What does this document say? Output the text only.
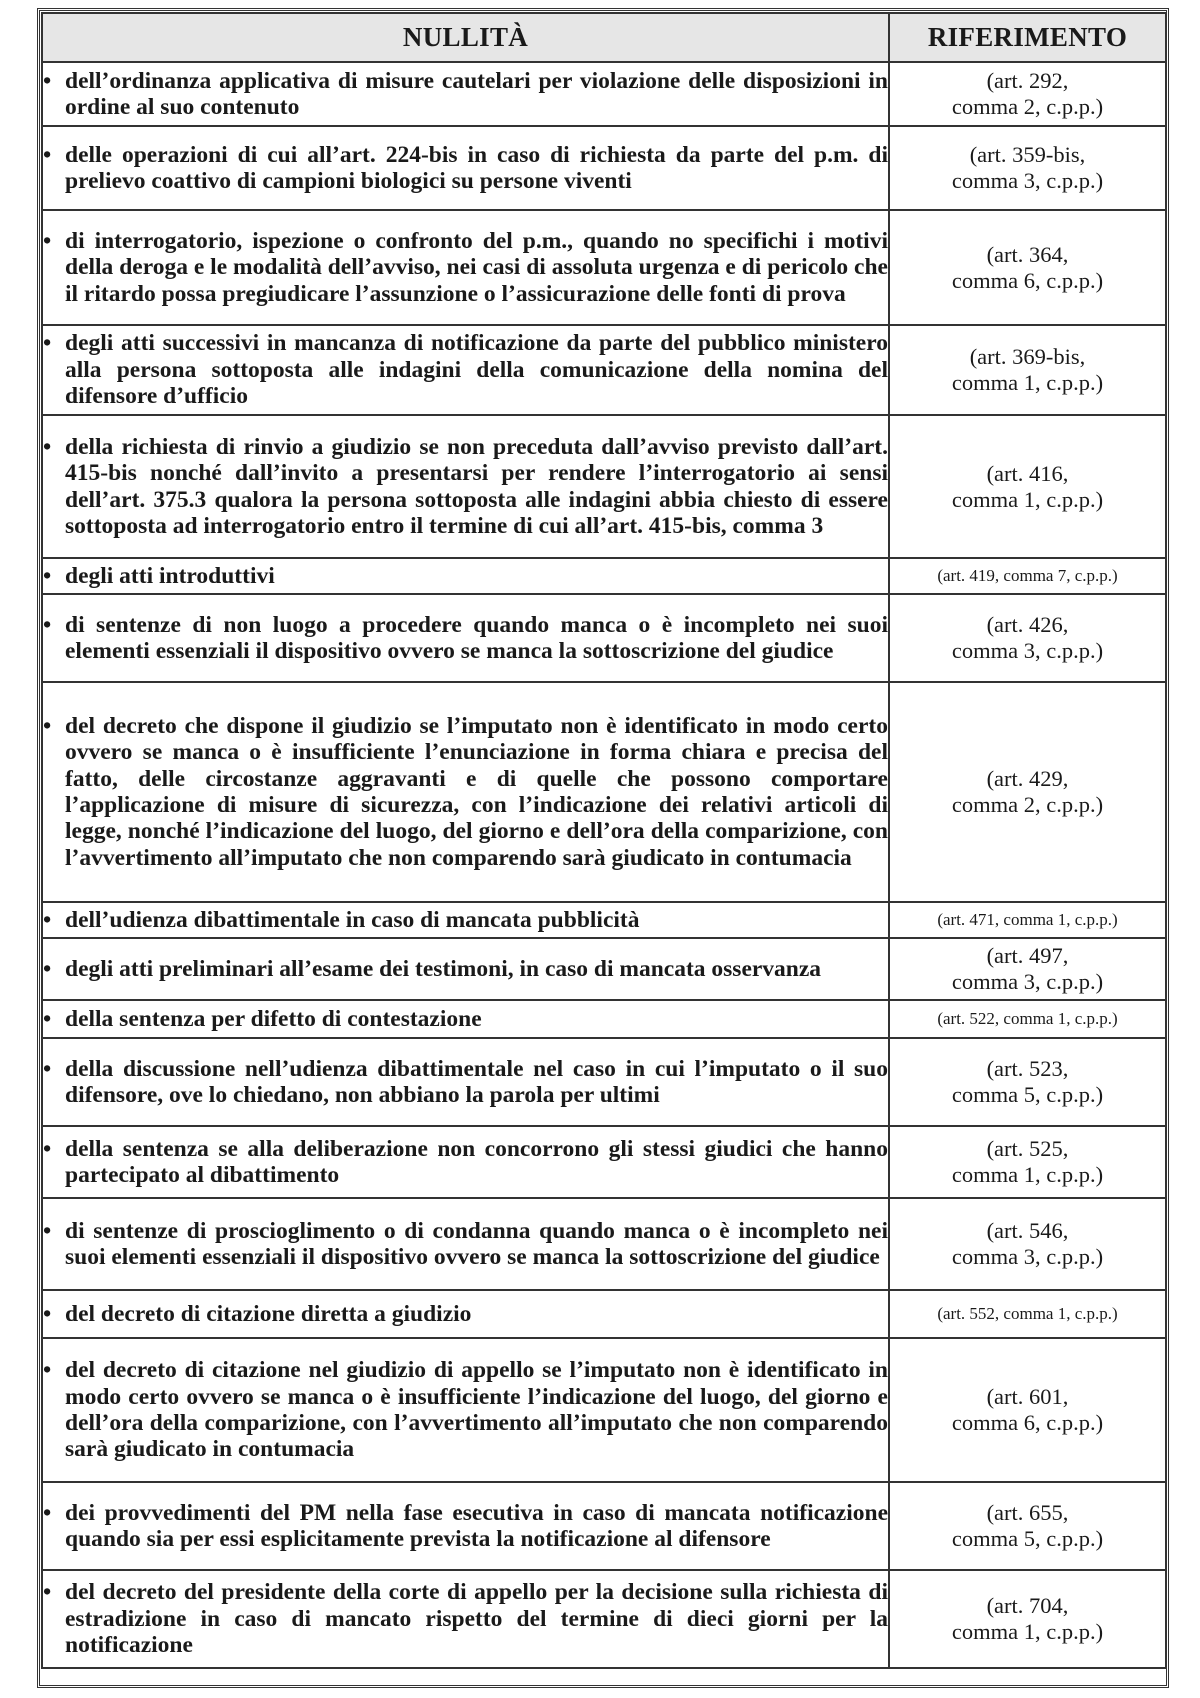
NULLITÀ	RIFERIMENTO

• dell’ordinanza applicativa di misure cautelari per violazione delle disposizioni in ordine al suo contenuto	(art. 292,
comma 2, c.p.p.)

• delle operazioni di cui all’art. 224-bis in caso di richiesta da parte del p.m. di prelievo coattivo di campioni biologici su persone viventi	(art. 359-bis,
comma 3, c.p.p.)

• di interrogatorio, ispezione o confronto del p.m., quando no specifichi i motivi della deroga e le modalità dell’avviso, nei casi di assoluta urgenza e di pericolo che il ritardo possa pregiudicare l’assunzione o l’assicurazione delle fonti di prova	(art. 364,
comma 6, c.p.p.)

• degli atti successivi in mancanza di notificazione da parte del pubblico ministero alla persona sottoposta alle indagini della comunicazione della nomina del difensore d’ufficio	(art. 369-bis,
comma 1, c.p.p.)

• della richiesta di rinvio a giudizio se non preceduta dall’avviso previsto dall’art. 415-bis nonché dall’invito a presentarsi per rendere l’interrogatorio ai sensi dell’art. 375.3 qualora la persona sottoposta alle indagini abbia chiesto di essere sottoposta ad interrogatorio entro il termine di cui all’art. 415-bis, comma 3	(art. 416,
comma 1, c.p.p.)

• degli atti introduttivi	(art. 419, comma 7, c.p.p.)

• di sentenze di non luogo a procedere quando manca o è incompleto nei suoi elementi essenziali il dispositivo ovvero se manca la sottoscrizione del giudice	(art. 426,
comma 3, c.p.p.)

• del decreto che dispone il giudizio se l’imputato non è identificato in modo certo ovvero se manca o è insufficiente l’enunciazione in forma chiara e precisa del fatto, delle circostanze aggravanti e di quelle che possono comportare l’applicazione di misure di sicurezza, con l’indicazione dei relativi articoli di legge, nonché l’indicazione del luogo, del giorno e dell’ora della comparizione, con l’avvertimento all’imputato che non comparendo sarà giudicato in contumacia	(art. 429,
comma 2, c.p.p.)

• dell’udienza dibattimentale in caso di mancata pubblicità	(art. 471, comma 1, c.p.p.)

• degli atti preliminari all’esame dei testimoni, in caso di mancata osservanza	(art. 497,
comma 3, c.p.p.)

• della sentenza per difetto di contestazione	(art. 522, comma 1, c.p.p.)

• della discussione nell’udienza dibattimentale nel caso in cui l’imputato o il suo difensore, ove lo chiedano, non abbiano la parola per ultimi	(art. 523,
comma 5, c.p.p.)

• della sentenza se alla deliberazione non concorrono gli stessi giudici che hanno partecipato al dibattimento	(art. 525,
comma 1, c.p.p.)

• di sentenze di proscioglimento o di condanna quando manca o è incompleto nei suoi elementi essenziali il dispositivo ovvero se manca la sottoscrizione del giudice	(art. 546,
comma 3, c.p.p.)

• del decreto di citazione diretta a giudizio	(art. 552, comma 1, c.p.p.)

• del decreto di citazione nel giudizio di appello se l’imputato non è identificato in modo certo ovvero se manca o è insufficiente l’indicazione del luogo, del giorno e dell’ora della comparizione, con l’avvertimento all’imputato che non comparendo sarà giudicato in contumacia	(art. 601,
comma 6, c.p.p.)

• dei provvedimenti del PM nella fase esecutiva in caso di mancata notificazione quando sia per essi esplicitamente prevista la notificazione al difensore	(art. 655,
comma 5, c.p.p.)

• del decreto del presidente della corte di appello per la decisione sulla richiesta di estradizione in caso di mancato rispetto del termine di dieci giorni per la notificazione	(art. 704,
comma 1, c.p.p.)
